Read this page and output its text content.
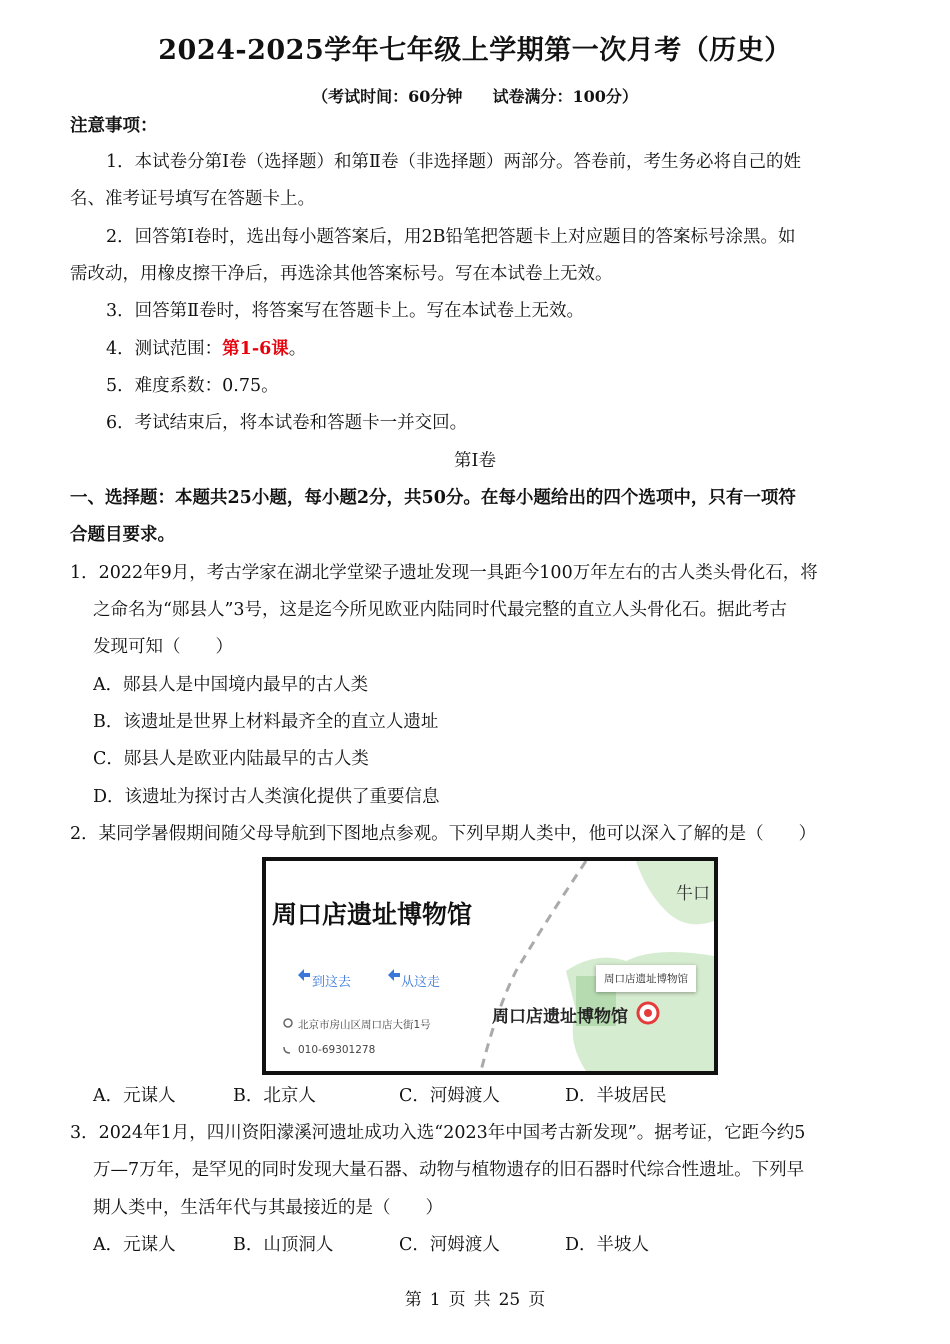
2024-2025学年七年级上学期第一次月考（历史）
（考试时间：60分钟 试卷满分：100分）
注意事项：
1．本试卷分第Ⅰ卷（选择题）和第Ⅱ卷（非选择题）两部分。答卷前，考生务必将自己的姓
名、准考证号填写在答题卡上。
2．回答第Ⅰ卷时，选出每小题答案后，用2B铅笔把答题卡上对应题目的答案标号涂黑。如
需改动，用橡皮擦干净后，再选涂其他答案标号。写在本试卷上无效。
3．回答第Ⅱ卷时，将答案写在答题卡上。写在本试卷上无效。
4．测试范围：第1-6课。
5．难度系数：0.75。
6．考试结束后，将本试卷和答题卡一并交回。
第Ⅰ卷
一、选择题：本题共25小题，每小题2分，共50分。在每小题给出的四个选项中，只有一项符
合题目要求。
1．2022年9月，考古学家在湖北学堂梁子遗址发现一具距今100万年左右的古人类头骨化石，将
之命名为“郧县人”3号，这是迄今所见欧亚内陆同时代最完整的直立人头骨化石。据此考古
发现可知（　　）
A．郧县人是中国境内最早的古人类
B．该遗址是世界上材料最齐全的直立人遗址
C．郧县人是欧亚内陆最早的古人类
D．该遗址为探讨古人类演化提供了重要信息
2．某同学暑假期间随父母导航到下图地点参观。下列早期人类中，他可以深入了解的是（　　）
周口店遗址博物馆
到这去	从这走
北京市房山区周口店大街1号
010-69301278
周口店遗址博物馆
周口店遗址博物馆
牛口
A．元谋人	B．北京人	C．河姆渡人	D．半坡居民
3．2024年1月，四川资阳濛溪河遗址成功入选“2023年中国考古新发现”。据考证，它距今约5
万—7万年，是罕见的同时发现大量石器、动物与植物遗存的旧石器时代综合性遗址。下列早
期人类中，生活年代与其最接近的是（　　）
A．元谋人	B．山顶洞人	C．河姆渡人	D．半坡人
第 1 页 共 25 页
